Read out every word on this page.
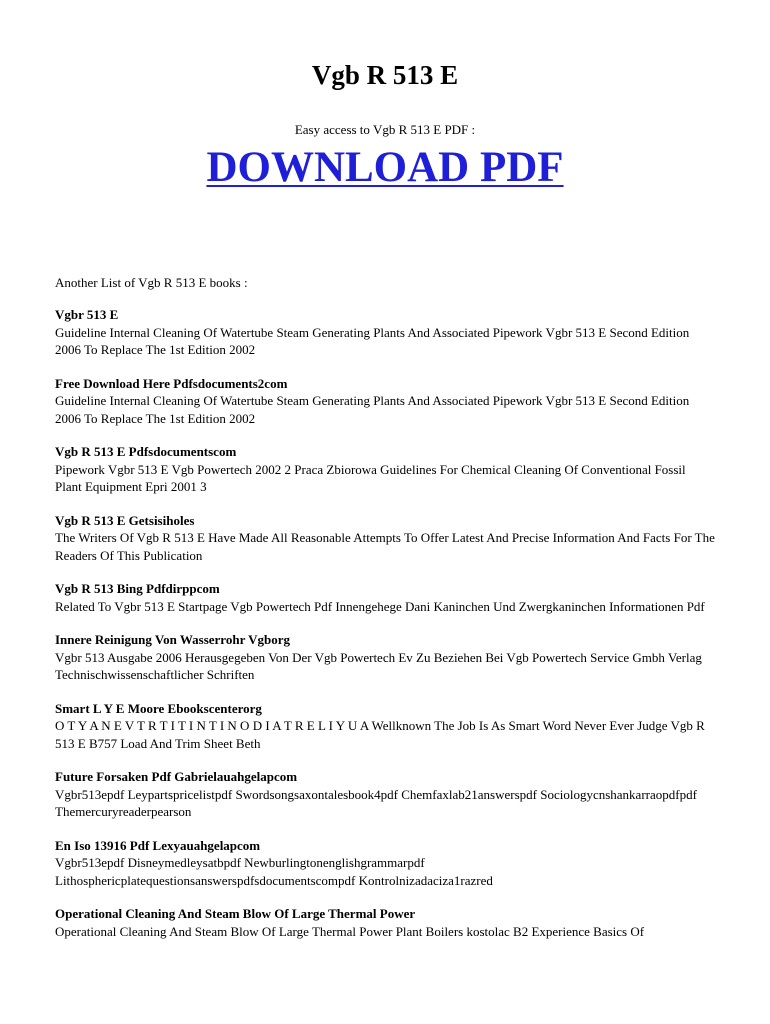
Vgb R 513 E
Easy access to Vgb R 513 E PDF :
DOWNLOAD PDF
Another List of Vgb R 513 E books :
Vgbr 513 E
Guideline Internal Cleaning Of Watertube Steam Generating Plants And Associated Pipework Vgbr 513 E Second Edition 2006 To Replace The 1st Edition 2002
Free Download Here Pdfsdocuments2com
Guideline Internal Cleaning Of Watertube Steam Generating Plants And Associated Pipework Vgbr 513 E Second Edition 2006 To Replace The 1st Edition 2002
Vgb R 513 E Pdfsdocumentscom
Pipework Vgbr 513 E Vgb Powertech 2002 2 Praca Zbiorowa Guidelines For Chemical Cleaning Of Conventional Fossil Plant Equipment Epri 2001 3
Vgb R 513 E Getsisiholes
The Writers Of Vgb R 513 E Have Made All Reasonable Attempts To Offer Latest And Precise Information And Facts For The Readers Of This Publication
Vgb R 513 Bing Pdfdirppcom
Related To Vgbr 513 E Startpage Vgb Powertech Pdf Innengehege Dani Kaninchen Und Zwergkaninchen Informationen Pdf
Innere Reinigung Von Wasserrohr Vgborg
Vgbr 513 Ausgabe 2006 Herausgegeben Von Der Vgb Powertech Ev Zu Beziehen Bei Vgb Powertech Service Gmbh Verlag Technischwissenschaftlicher Schriften
Smart L Y E Moore Ebookscenterorg
O T Y A N E V T R T I T I N T I N O D I A T R E L I Y U A Wellknown The Job Is As Smart Word Never Ever Judge Vgb R 513 E B757 Load And Trim Sheet Beth
Future Forsaken Pdf Gabrielauahgelapcom
Vgbr513epdf Leypartspricelistpdf Swordsongsaxontalesbook4pdf Chemfaxlab21answerspdf Sociologycnshankarraopdfpdf Themercuryreaderpearson
En Iso 13916 Pdf Lexyauahgelapcom
Vgbr513epdf Disneymedleysatbpdf Newburlingtonenglishgrammarpdf Lithosphericplatequestionsanswerspdfsdocumentscompdf Kontrolnizadaciza1razred
Operational Cleaning And Steam Blow Of Large Thermal Power
Operational Cleaning And Steam Blow Of Large Thermal Power Plant Boilers kostolac B2 Experience Basics Of
